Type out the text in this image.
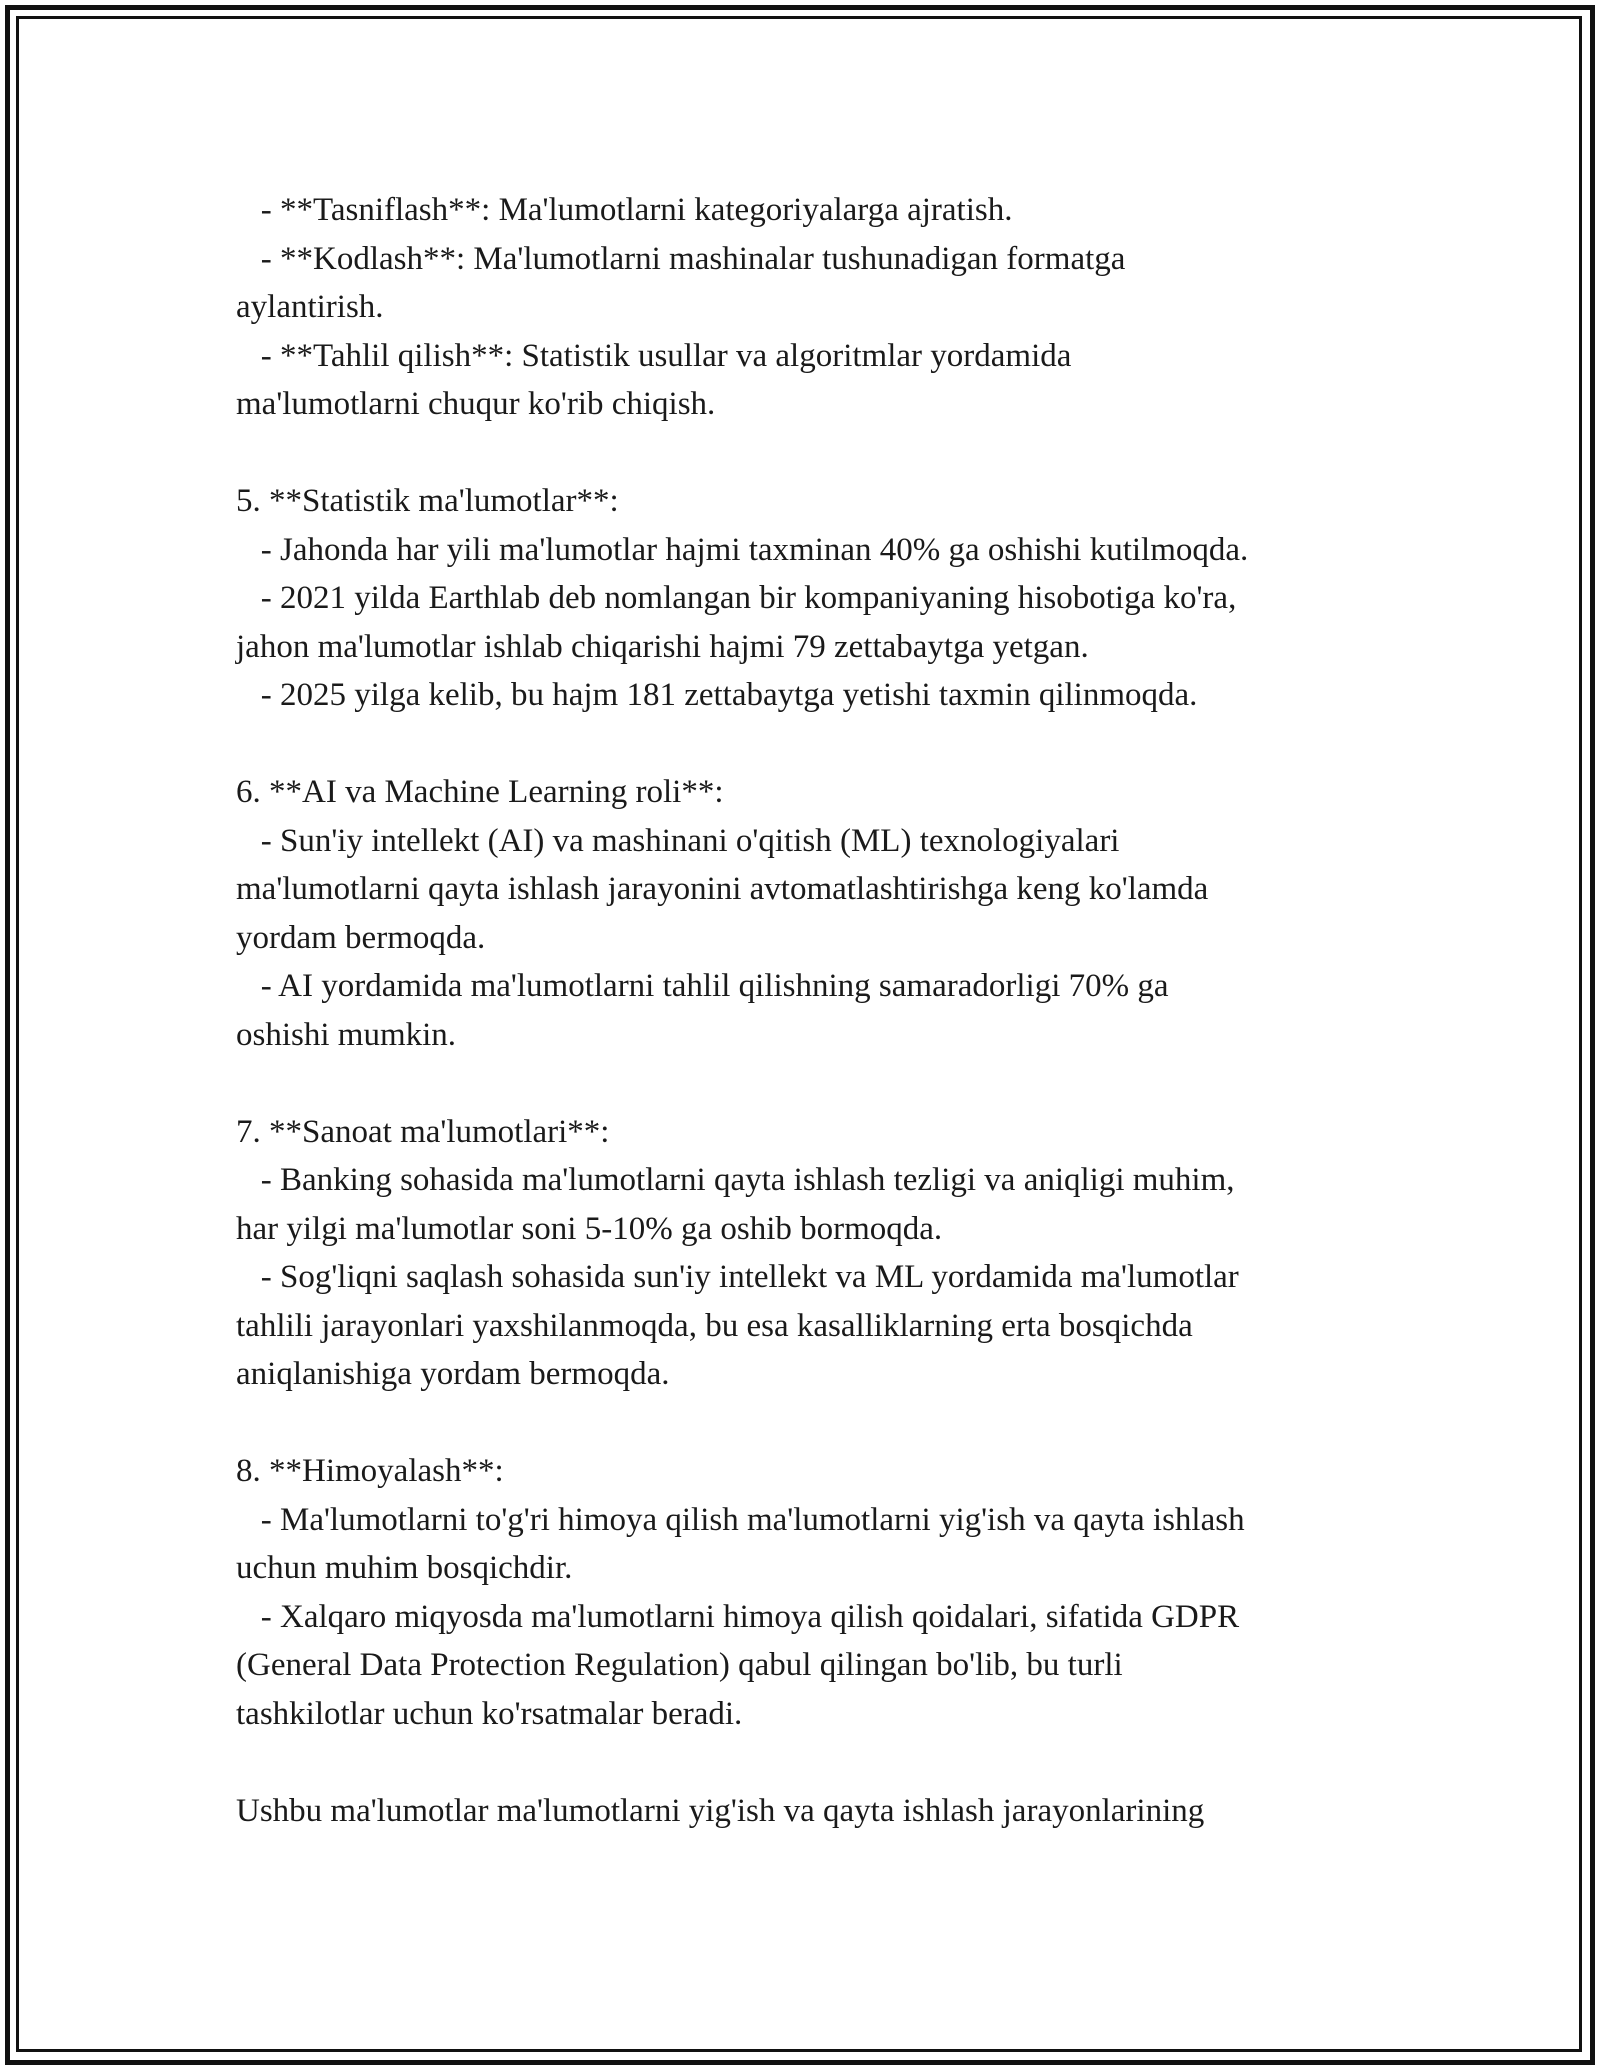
- **Tasniflash**: Ma'lumotlarni kategoriyalarga ajratish.
- **Kodlash**: Ma'lumotlarni mashinalar tushunadigan formatga
aylantirish.
- **Tahlil qilish**: Statistik usullar va algoritmlar yordamida
ma'lumotlarni chuqur ko'rib chiqish.
5. **Statistik ma'lumotlar**:
- Jahonda har yili ma'lumotlar hajmi taxminan 40% ga oshishi kutilmoqda.
- 2021 yilda Earthlab deb nomlangan bir kompaniyaning hisobotiga ko'ra,
jahon ma'lumotlar ishlab chiqarishi hajmi 79 zettabaytga yetgan.
- 2025 yilga kelib, bu hajm 181 zettabaytga yetishi taxmin qilinmoqda.
6. **AI va Machine Learning roli**:
- Sun'iy intellekt (AI) va mashinani o'qitish (ML) texnologiyalari
ma'lumotlarni qayta ishlash jarayonini avtomatlashtirishga keng ko'lamda
yordam bermoqda.
- AI yordamida ma'lumotlarni tahlil qilishning samaradorligi 70% ga
oshishi mumkin.
7. **Sanoat ma'lumotlari**:
- Banking sohasida ma'lumotlarni qayta ishlash tezligi va aniqligi muhim,
har yilgi ma'lumotlar soni 5-10% ga oshib bormoqda.
- Sog'liqni saqlash sohasida sun'iy intellekt va ML yordamida ma'lumotlar
tahlili jarayonlari yaxshilanmoqda, bu esa kasalliklarning erta bosqichda
aniqlanishiga yordam bermoqda.
8. **Himoyalash**:
- Ma'lumotlarni to'g'ri himoya qilish ma'lumotlarni yig'ish va qayta ishlash
uchun muhim bosqichdir.
- Xalqaro miqyosda ma'lumotlarni himoya qilish qoidalari, sifatida GDPR
(General Data Protection Regulation) qabul qilingan bo'lib, bu turli
tashkilotlar uchun ko'rsatmalar beradi.
Ushbu ma'lumotlar ma'lumotlarni yig'ish va qayta ishlash jarayonlarining
